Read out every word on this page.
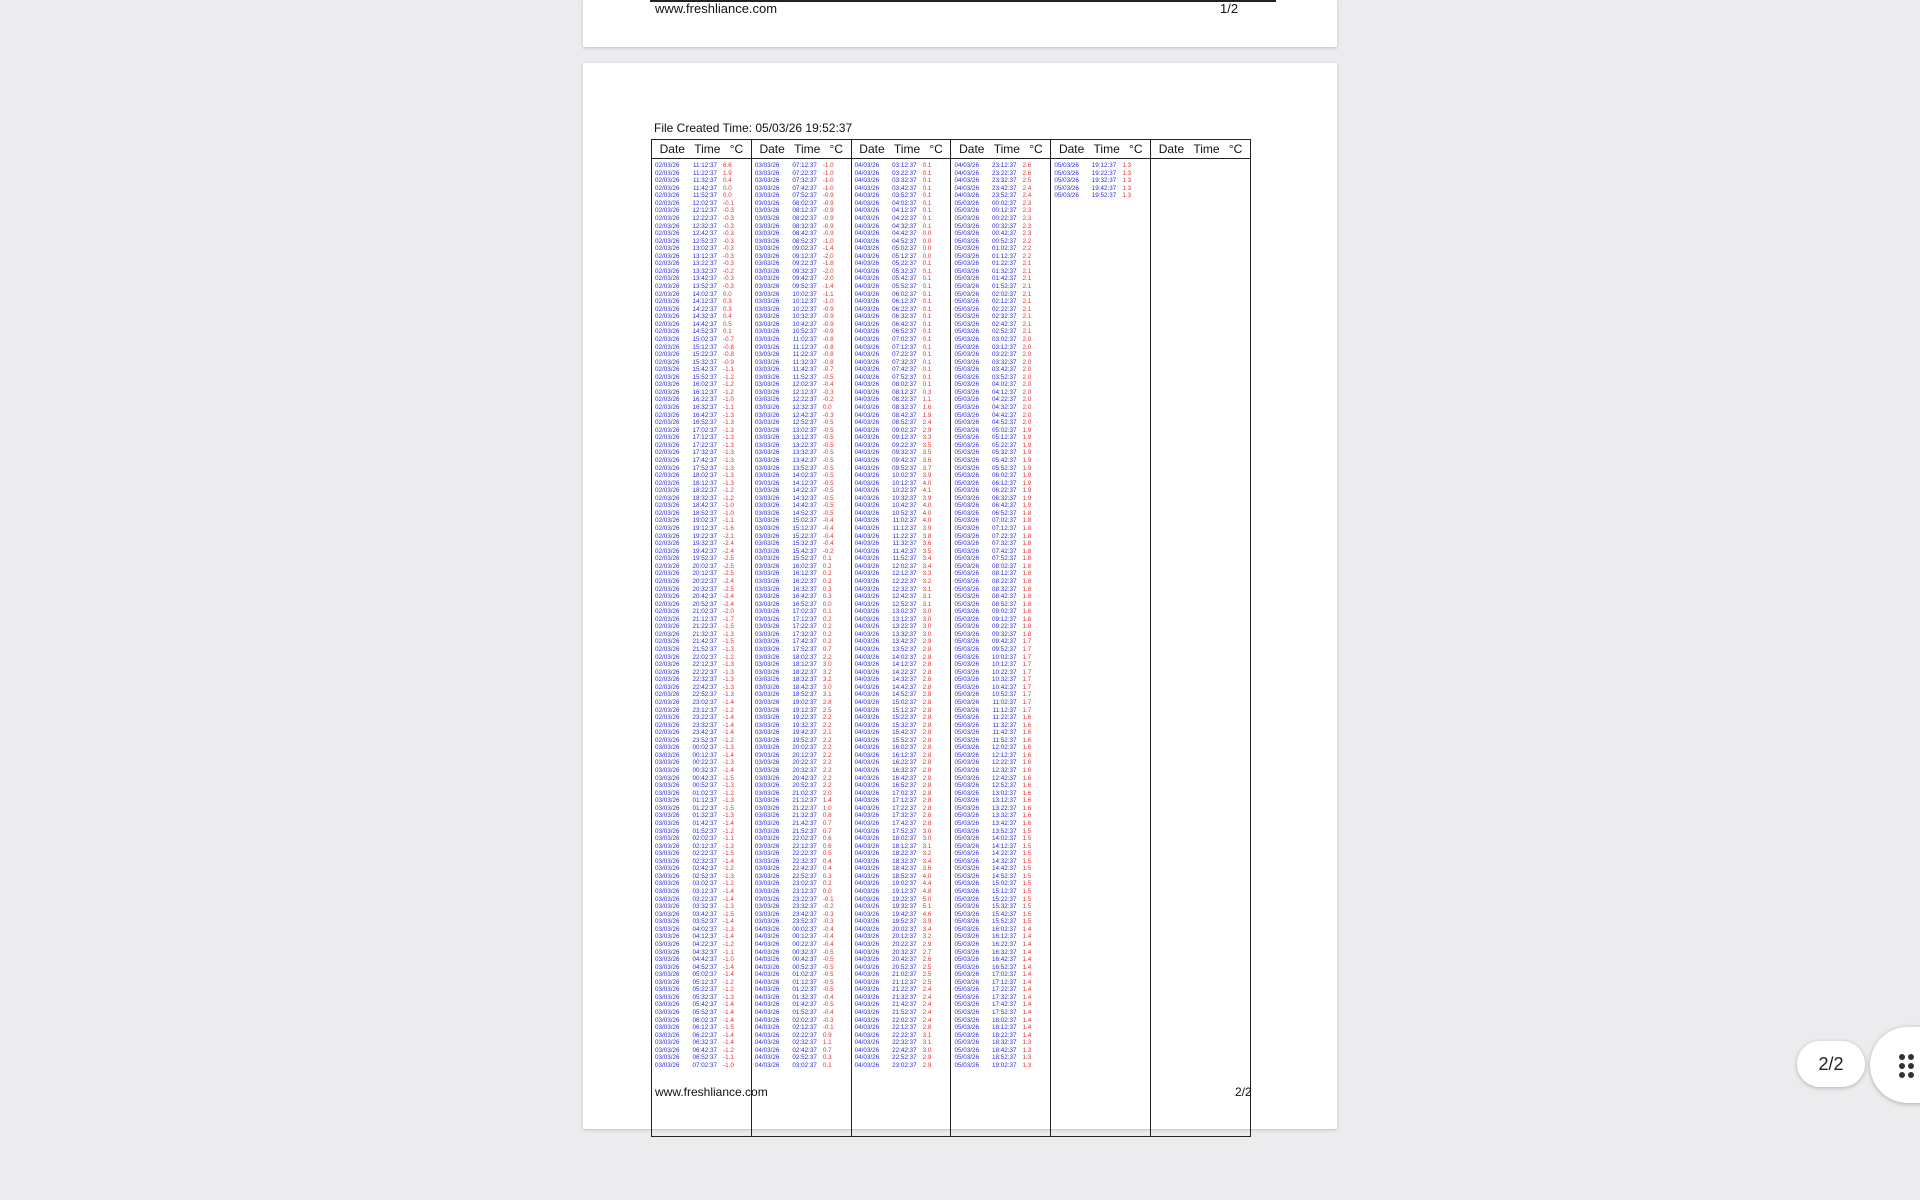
www.freshliance.com	1/2
File Created Time: 05/03/26 19:52:37
Date Time °C
02/03/26	11:12:37 6.6
02/03/26	11:22:37 1.9
02/03/26	11:32:37 0.4
02/03/26	11:42:37 0.0
02/03/26	11:52:37 0.0
02/03/26	12:02:37 -0.1
02/03/26	12:12:37 -0.3
02/03/26	12:22:37 -0.3
02/03/26	12:32:37 -0.3
02/03/26	12:42:37 -0.3
02/03/26	12:52:37 -0.3
02/03/26	13:02:37 -0.3
02/03/26	13:12:37 -0.3
02/03/26	13:22:37 -0.3
02/03/26	13:32:37 -0.2
02/03/26	13:42:37 -0.3
02/03/26	13:52:37 -0.3
02/03/26	14:02:37 0.0
02/03/26	14:12:37 0.3
02/03/26	14:22:37 0.3
02/03/26	14:32:37 0.4
02/03/26	14:42:37 0.5
02/03/26	14:52:37 0.1
02/03/26	15:02:37 -0.7
02/03/26	15:12:37 -0.8
02/03/26	15:22:37 -0.8
02/03/26	15:32:37 -0.9
02/03/26	15:42:37 -1.1
02/03/26	15:52:37 -1.2
02/03/26	16:02:37 -1.2
02/03/26	16:12:37 -1.2
02/03/26	16:22:37 -1.0
02/03/26	16:32:37 -1.1
02/03/26	16:42:37 -1.3
02/03/26	16:52:37 -1.3
02/03/26	17:02:37 -1.3
02/03/26	17:12:37 -1.3
02/03/26	17:22:37 -1.3
02/03/26	17:32:37 -1.3
02/03/26	17:42:37 -1.3
02/03/26	17:52:37 -1.3
02/03/26	18:02:37 -1.3
02/03/26	18:12:37 -1.3
02/03/26	18:22:37 -1.2
02/03/26	18:32:37 -1.2
02/03/26	18:42:37 -1.0
02/03/26	18:52:37 -1.0
02/03/26	19:02:37 -1.1
02/03/26	19:12:37 -1.6
02/03/26	19:22:37 -2.1
02/03/26	19:32:37 -2.4
02/03/26	19:42:37 -2.4
02/03/26	19:52:37 -2.5
02/03/26	20:02:37 -2.5
02/03/26	20:12:37 -2.5
02/03/26	20:22:37 -2.4
02/03/26	20:32:37 -2.5
02/03/26	20:42:37 -2.4
02/03/26	20:52:37 -2.4
02/03/26	21:02:37 -2.0
02/03/26	21:12:37 -1.7
02/03/26	21:22:37 -1.5
02/03/26	21:32:37 -1.3
02/03/26	21:42:37 -1.5
02/03/26	21:52:37 -1.3
02/03/26	22:02:37 -1.2
02/03/26	22:12:37 -1.3
02/03/26	22:22:37 -1.3
02/03/26	22:32:37 -1.3
02/03/26	22:42:37 -1.3
02/03/26	22:52:37 -1.3
02/03/26	23:02:37 -1.4
02/03/26	23:12:37 -1.2
02/03/26	23:22:37 -1.4
02/03/26	23:32:37 -1.4
02/03/26	23:42:37 -1.4
02/03/26	23:52:37 -1.2
03/03/26	00:02:37 -1.3
03/03/26	00:12:37 -1.4
03/03/26	00:22:37 -1.3
03/03/26	00:32:37 -1.4
03/03/26	00:42:37 -1.5
03/03/26	00:52:37 -1.3
03/03/26	01:02:37 -1.2
03/03/26	01:12:37 -1.3
03/03/26	01:22:37 -1.5
03/03/26	01:32:37 -1.3
03/03/26	01:42:37 -1.4
03/03/26	01:52:37 -1.2
03/03/26	02:02:37 -1.1
03/03/26	02:12:37 -1.3
03/03/26	02:22:37 -1.5
03/03/26	02:32:37 -1.4
03/03/26	02:42:37 -1.2
03/03/26	02:52:37 -1.3
03/03/26	03:02:37 -1.2
03/03/26	03:12:37 -1.4
03/03/26	03:22:37 -1.4
03/03/26	03:32:37 -1.3
03/03/26	03:42:37 -1.5
03/03/26	03:52:37 -1.4
03/03/26	04:02:37 -1.3
03/03/26	04:12:37 -1.4
03/03/26	04:22:37 -1.2
03/03/26	04:32:37 -1.1
03/03/26	04:42:37 -1.0
03/03/26	04:52:37 -1.4
03/03/26	05:02:37 -1.4
03/03/26	05:12:37 -1.2
03/03/26	05:22:37 -1.2
03/03/26	05:32:37 -1.3
03/03/26	05:42:37 -1.4
03/03/26	05:52:37 -1.4
03/03/26	06:02:37 -1.4
03/03/26	06:12:37 -1.5
03/03/26	06:22:37 -1.4
03/03/26	06:32:37 -1.4
03/03/26	06:42:37 -1.2
03/03/26	06:52:37 -1.1
03/03/26	07:02:37 -1.0
Date Time °C
03/03/26	07:12:37 -1.0
03/03/26	07:22:37 -1.0
03/03/26	07:32:37 -1.0
03/03/26	07:42:37 -1.0
03/03/26	07:52:37 -0.9
03/03/26	08:02:37 -0.9
03/03/26	08:12:37 -0.9
03/03/26	08:22:37 -0.9
03/03/26	08:32:37 -0.9
03/03/26	08:42:37 -0.9
03/03/26	08:52:37 -1.0
03/03/26	09:02:37 -1.4
03/03/26	09:12:37 -2.0
03/03/26	09:22:37 -1.8
03/03/26	09:32:37 -2.0
03/03/26	09:42:37 -2.0
03/03/26	09:52:37 -1.4
03/03/26	10:02:37 -1.1
03/03/26	10:12:37 -1.0
03/03/26	10:22:37 -0.9
03/03/26	10:32:37 -0.9
03/03/26	10:42:37 -0.9
03/03/26	10:52:37 -0.9
03/03/26	11:02:37 -0.8
03/03/26	11:12:37 -0.8
03/03/26	11:22:37 -0.8
03/03/26	11:32:37 -0.8
03/03/26	11:42:37 -0.7
03/03/26	11:52:37 -0.5
03/03/26	12:02:37 -0.4
03/03/26	12:12:37 -0.3
03/03/26	12:22:37 -0.2
03/03/26	12:32:37 0.0
03/03/26	12:42:37 -0.3
03/03/26	12:52:37 -0.5
03/03/26	13:02:37 -0.5
03/03/26	13:12:37 -0.5
03/03/26	13:22:37 -0.5
03/03/26	13:32:37 -0.5
03/03/26	13:42:37 -0.5
03/03/26	13:52:37 -0.5
03/03/26	14:02:37 -0.5
03/03/26	14:12:37 -0.5
03/03/26	14:22:37 -0.5
03/03/26	14:32:37 -0.5
03/03/26	14:42:37 -0.5
03/03/26	14:52:37 -0.5
03/03/26	15:02:37 -0.4
03/03/26	15:12:37 -0.4
03/03/26	15:22:37 -0.4
03/03/26	15:32:37 -0.4
03/03/26	15:42:37 -0.2
03/03/26	15:52:37 0.1
03/03/26	16:02:37 0.2
03/03/26	16:12:37 0.2
03/03/26	16:22:37 0.2
03/03/26	16:32:37 0.3
03/03/26	16:42:37 0.3
03/03/26	16:52:37 0.0
03/03/26	17:02:37 0.1
03/03/26	17:12:37 0.2
03/03/26	17:22:37 0.2
03/03/26	17:32:37 0.2
03/03/26	17:42:37 0.2
03/03/26	17:52:37 0.7
03/03/26	18:02:37 2.2
03/03/26	18:12:37 3.0
03/03/26	18:22:37 3.2
03/03/26	18:32:37 3.2
03/03/26	18:42:37 3.0
03/03/26	18:52:37 3.1
03/03/26	19:02:37 2.8
03/03/26	19:12:37 2.5
03/03/26	19:22:37 2.2
03/03/26	19:32:37 2.2
03/03/26	19:42:37 2.1
03/03/26	19:52:37 2.2
03/03/26	20:02:37 2.2
03/03/26	20:12:37 2.2
03/03/26	20:22:37 2.2
03/03/26	20:32:37 2.2
03/03/26	20:42:37 2.2
03/03/26	20:52:37 2.2
03/03/26	21:02:37 2.0
03/03/26	21:12:37 1.4
03/03/26	21:22:37 1.0
03/03/26	21:32:37 0.8
03/03/26	21:42:37 0.7
03/03/26	21:52:37 0.7
03/03/26	22:02:37 0.6
03/03/26	22:12:37 0.6
03/03/26	22:22:37 0.5
03/03/26	22:32:37 0.4
03/03/26	22:42:37 0.4
03/03/26	22:52:37 0.3
03/03/26	23:02:37 0.2
03/03/26	23:12:37 0.0
03/03/26	23:22:37 -0.1
03/03/26	23:32:37 -0.2
03/03/26	23:42:37 -0.3
03/03/26	23:52:37 -0.3
04/03/26	00:02:37 -0.4
04/03/26	00:12:37 -0.4
04/03/26	00:22:37 -0.4
04/03/26	00:32:37 -0.5
04/03/26	00:42:37 -0.5
04/03/26	00:52:37 -0.5
04/03/26	01:02:37 -0.5
04/03/26	01:12:37 -0.5
04/03/26	01:22:37 -0.5
04/03/26	01:32:37 -0.4
04/03/26	01:42:37 -0.5
04/03/26	01:52:37 -0.4
04/03/26	02:02:37 -0.3
04/03/26	02:12:37 -0.1
04/03/26	02:22:37 0.9
04/03/26	02:32:37 1.1
04/03/26	02:42:37 0.7
04/03/26	02:52:37 0.3
04/03/26	03:02:37 0.1
Date Time °C
04/03/26	03:12:37 0.1
04/03/26	03:22:37 0.1
04/03/26	03:32:37 0.1
04/03/26	03:42:37 0.1
04/03/26	03:52:37 0.1
04/03/26	04:02:37 0.1
04/03/26	04:12:37 0.1
04/03/26	04:22:37 0.1
04/03/26	04:32:37 0.1
04/03/26	04:42:37 0.0
04/03/26	04:52:37 0.0
04/03/26	05:02:37 0.0
04/03/26	05:12:37 0.0
04/03/26	05:22:37 0.1
04/03/26	05:32:37 0.1
04/03/26	05:42:37 0.1
04/03/26	05:52:37 0.1
04/03/26	06:02:37 0.1
04/03/26	06:12:37 0.1
04/03/26	06:22:37 0.1
04/03/26	06:32:37 0.1
04/03/26	06:42:37 0.1
04/03/26	06:52:37 0.1
04/03/26	07:02:37 0.1
04/03/26	07:12:37 0.1
04/03/26	07:22:37 0.1
04/03/26	07:32:37 0.1
04/03/26	07:42:37 0.1
04/03/26	07:52:37 0.1
04/03/26	08:02:37 0.1
04/03/26	08:12:37 0.3
04/03/26	08:22:37 1.1
04/03/26	08:32:37 1.6
04/03/26	08:42:37 1.9
04/03/26	08:52:37 2.4
04/03/26	09:02:37 2.9
04/03/26	09:12:37 3.3
04/03/26	09:22:37 3.5
04/03/26	09:32:37 3.5
04/03/26	09:42:37 3.6
04/03/26	09:52:37 3.7
04/03/26	10:02:37 3.9
04/03/26	10:12:37 4.0
04/03/26	10:22:37 4.1
04/03/26	10:32:37 3.9
04/03/26	10:42:37 4.0
04/03/26	10:52:37 4.0
04/03/26	11:02:37 4.0
04/03/26	11:12:37 3.9
04/03/26	11:22:37 3.8
04/03/26	11:32:37 3.6
04/03/26	11:42:37 3.5
04/03/26	11:52:37 3.4
04/03/26	12:02:37 3.4
04/03/26	12:12:37 3.3
04/03/26	12:22:37 3.2
04/03/26	12:32:37 3.1
04/03/26	12:42:37 3.1
04/03/26	12:52:37 3.1
04/03/26	13:02:37 3.0
04/03/26	13:12:37 3.0
04/03/26	13:22:37 3.0
04/03/26	13:32:37 3.0
04/03/26	13:42:37 2.9
04/03/26	13:52:37 2.8
04/03/26	14:02:37 2.8
04/03/26	14:12:37 2.8
04/03/26	14:22:37 2.8
04/03/26	14:32:37 2.8
04/03/26	14:42:37 2.8
04/03/26	14:52:37 2.8
04/03/26	15:02:37 2.8
04/03/26	15:12:37 2.8
04/03/26	15:22:37 2.8
04/03/26	15:32:37 2.8
04/03/26	15:42:37 2.8
04/03/26	15:52:37 2.8
04/03/26	16:02:37 2.8
04/03/26	16:12:37 2.8
04/03/26	16:22:37 2.8
04/03/26	16:32:37 2.8
04/03/26	16:42:37 2.8
04/03/26	16:52:37 2.8
04/03/26	17:02:37 2.8
04/03/26	17:12:37 2.8
04/03/26	17:22:37 2.8
04/03/26	17:32:37 2.8
04/03/26	17:42:37 2.8
04/03/26	17:52:37 3.0
04/03/26	18:02:37 3.0
04/03/26	18:12:37 3.1
04/03/26	18:22:37 3.2
04/03/26	18:32:37 3.4
04/03/26	18:42:37 3.6
04/03/26	18:52:37 4.0
04/03/26	19:02:37 4.4
04/03/26	19:12:37 4.8
04/03/26	19:22:37 5.0
04/03/26	19:32:37 5.1
04/03/26	19:42:37 4.6
04/03/26	19:52:37 3.9
04/03/26	20:02:37 3.4
04/03/26	20:12:37 3.2
04/03/26	20:22:37 2.9
04/03/26	20:32:37 2.7
04/03/26	20:42:37 2.6
04/03/26	20:52:37 2.5
04/03/26	21:02:37 2.5
04/03/26	21:12:37 2.5
04/03/26	21:22:37 2.4
04/03/26	21:32:37 2.4
04/03/26	21:42:37 2.4
04/03/26	21:52:37 2.4
04/03/26	22:02:37 2.4
04/03/26	22:12:37 2.8
04/03/26	22:22:37 3.1
04/03/26	22:32:37 3.1
04/03/26	22:42:37 3.0
04/03/26	22:52:37 2.9
04/03/26	23:02:37 2.9
Date Time °C
04/03/26	23:12:37 2.6
04/03/26	23:22:37 2.6
04/03/26	23:32:37 2.5
04/03/26	23:42:37 2.4
04/03/26	23:52:37 2.4
05/03/26	00:02:37 2.3
05/03/26	00:12:37 2.3
05/03/26	00:22:37 2.3
05/03/26	00:32:37 2.3
05/03/26	00:42:37 2.3
05/03/26	00:52:37 2.2
05/03/26	01:02:37 2.2
05/03/26	01:12:37 2.2
05/03/26	01:22:37 2.1
05/03/26	01:32:37 2.1
05/03/26	01:42:37 2.1
05/03/26	01:52:37 2.1
05/03/26	02:02:37 2.1
05/03/26	02:12:37 2.1
05/03/26	02:22:37 2.1
05/03/26	02:32:37 2.1
05/03/26	02:42:37 2.1
05/03/26	02:52:37 2.1
05/03/26	03:02:37 2.0
05/03/26	03:12:37 2.0
05/03/26	03:22:37 2.0
05/03/26	03:32:37 2.0
05/03/26	03:42:37 2.0
05/03/26	03:52:37 2.0
05/03/26	04:02:37 2.0
05/03/26	04:12:37 2.0
05/03/26	04:22:37 2.0
05/03/26	04:32:37 2.0
05/03/26	04:42:37 2.0
05/03/26	04:52:37 2.0
05/03/26	05:02:37 1.9
05/03/26	05:12:37 1.9
05/03/26	05:22:37 1.9
05/03/26	05:32:37 1.9
05/03/26	05:42:37 1.9
05/03/26	05:52:37 1.9
05/03/26	06:02:37 1.9
05/03/26	06:12:37 1.9
05/03/26	06:22:37 1.9
05/03/26	06:32:37 1.9
05/03/26	06:42:37 1.9
05/03/26	06:52:37 1.8
05/03/26	07:02:37 1.8
05/03/26	07:12:37 1.8
05/03/26	07:22:37 1.8
05/03/26	07:32:37 1.8
05/03/26	07:42:37 1.8
05/03/26	07:52:37 1.8
05/03/26	08:02:37 1.8
05/03/26	08:12:37 1.8
05/03/26	08:22:37 1.8
05/03/26	08:32:37 1.8
05/03/26	08:42:37 1.8
05/03/26	08:52:37 1.8
05/03/26	09:02:37 1.8
05/03/26	09:12:37 1.8
05/03/26	09:22:37 1.8
05/03/26	09:32:37 1.8
05/03/26	09:42:37 1.7
05/03/26	09:52:37 1.7
05/03/26	10:02:37 1.7
05/03/26	10:12:37 1.7
05/03/26	10:22:37 1.7
05/03/26	10:32:37 1.7
05/03/26	10:42:37 1.7
05/03/26	10:52:37 1.7
05/03/26	11:02:37 1.7
05/03/26	11:12:37 1.7
05/03/26	11:22:37 1.6
05/03/26	11:32:37 1.6
05/03/26	11:42:37 1.6
05/03/26	11:52:37 1.6
05/03/26	12:02:37 1.6
05/03/26	12:12:37 1.6
05/03/26	12:22:37 1.6
05/03/26	12:32:37 1.6
05/03/26	12:42:37 1.6
05/03/26	12:52:37 1.6
05/03/26	13:02:37 1.6
05/03/26	13:12:37 1.6
05/03/26	13:22:37 1.6
05/03/26	13:32:37 1.6
05/03/26	13:42:37 1.6
05/03/26	13:52:37 1.5
05/03/26	14:02:37 1.5
05/03/26	14:12:37 1.5
05/03/26	14:22:37 1.5
05/03/26	14:32:37 1.5
05/03/26	14:42:37 1.5
05/03/26	14:52:37 1.5
05/03/26	15:02:37 1.5
05/03/26	15:12:37 1.5
05/03/26	15:22:37 1.5
05/03/26	15:32:37 1.5
05/03/26	15:42:37 1.5
05/03/26	15:52:37 1.5
05/03/26	16:02:37 1.4
05/03/26	16:12:37 1.4
05/03/26	16:22:37 1.4
05/03/26	16:32:37 1.4
05/03/26	16:42:37 1.4
05/03/26	16:52:37 1.4
05/03/26	17:02:37 1.4
05/03/26	17:12:37 1.4
05/03/26	17:22:37 1.4
05/03/26	17:32:37 1.4
05/03/26	17:42:37 1.4
05/03/26	17:52:37 1.4
05/03/26	18:02:37 1.4
05/03/26	18:12:37 1.4
05/03/26	18:22:37 1.4
05/03/26	18:32:37 1.3
05/03/26	18:42:37 1.3
05/03/26	18:52:37 1.3
05/03/26	19:02:37 1.3
Date Time °C
05/03/26	19:12:37 1.3
05/03/26	19:22:37 1.3
05/03/26	19:32:37 1.3
05/03/26	19:42:37 1.3
05/03/26	19:52:37 1.3
Date Time °C
www.freshliance.com	2/2
2/2
